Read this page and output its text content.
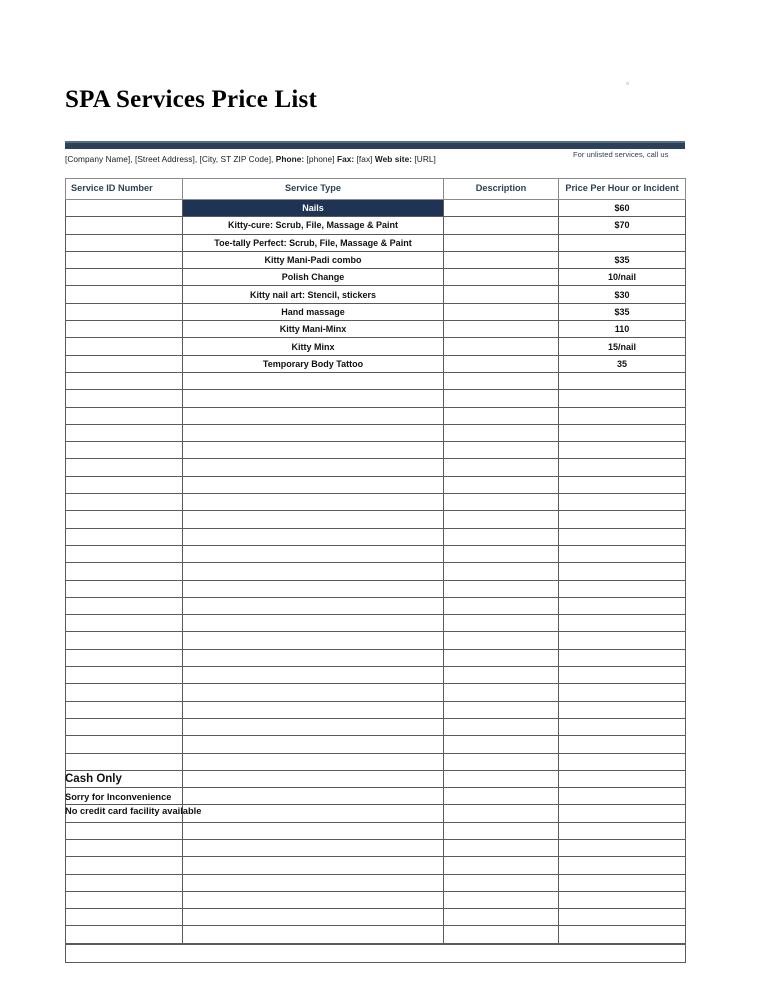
SPA Services Price List
[Company Name], [Street Address], [City, ST ZIP Code], Phone: [phone] Fax: [fax] Web site: [URL]	For unlisted services, call us
Service ID Number	Service Type	Description	Price Per Hour or Incident
	Nails		$60
	Kitty-cure: Scrub, File, Massage & Paint		$70
	Toe-tally Perfect: Scrub, File, Massage & Paint		
	Kitty Mani-Padi combo		$35
	Polish Change		10/nail
	Kitty nail art: Stencil, stickers		$30
	Hand massage		$35
	Kitty Mani-Minx		110
	Kitty Minx		15/nail
	Temporary Body Tattoo		35

Cash Only
Sorry for Inconvenience
No credit card facility available
